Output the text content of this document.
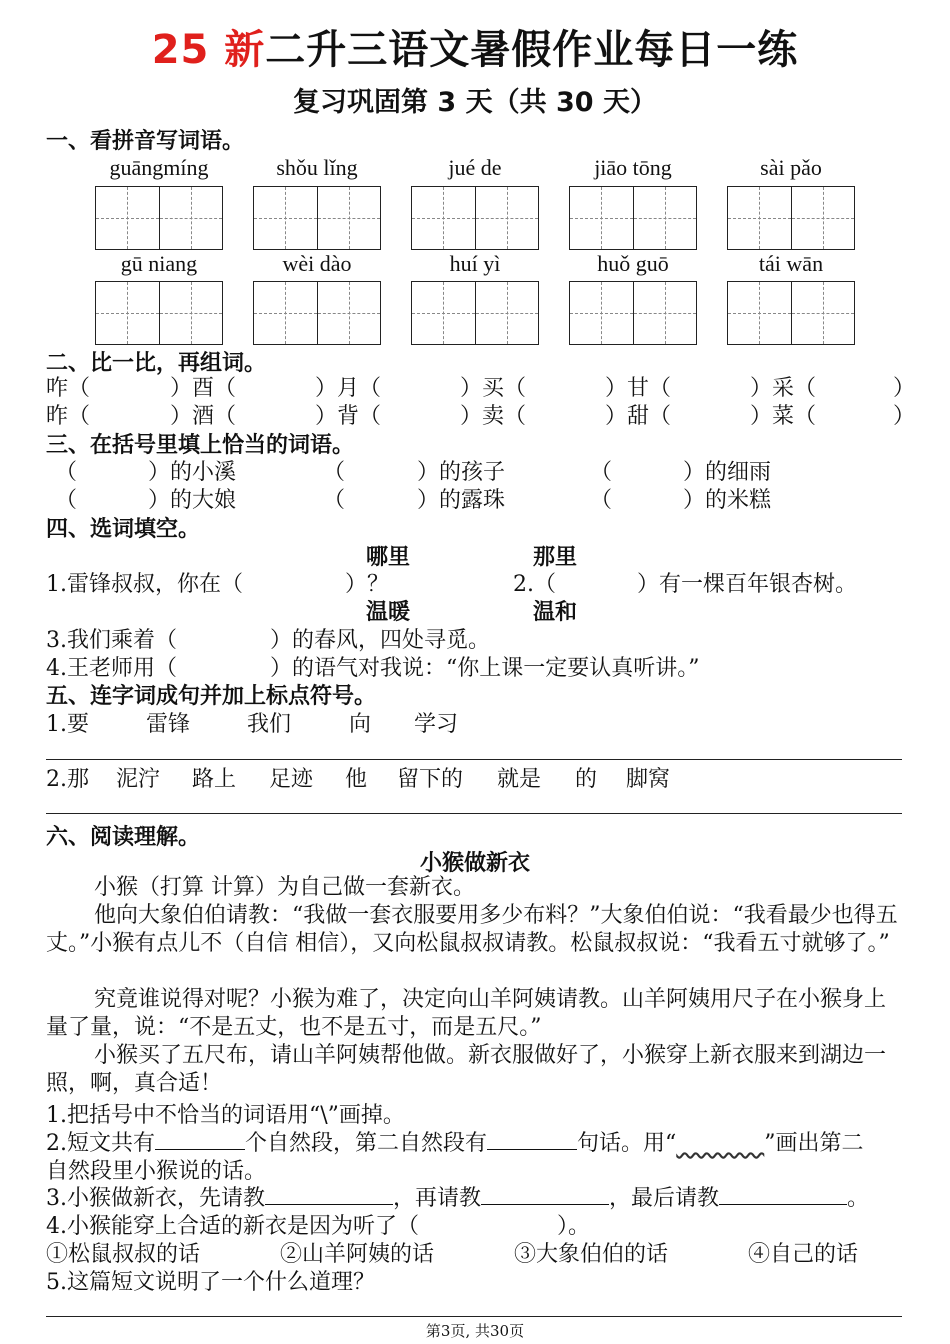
25 新二升三语文暑假作业每日一练
复习巩固第 3 天（共 30 天）
一、看拼音写词语。
guāngmíng	shǒu lǐng	jué de	jiāo tōng	sài pǎo
gū niang	wèi dào	huí yì	huǒ guō	tái wān
二、比一比，再组词。
咋（	）酉（	）月（	）买（	）甘（	）采（	）
昨（	）酒（	）背（	）卖（	）甜（	）菜（	）
三、在括号里填上恰当的词语。
（	）的小溪	（	）的孩子	（	）的细雨
（	）的大娘	（	）的露珠	（	）的米糕
四、选词填空。
哪里	那里
1.雷锋叔叔，你在（	）？	2.（	）有一棵百年银杏树。
温暖	温和
3.我们乘着（	）的春风，四处寻觅。
4.王老师用（	）的语气对我说：“你上课一定要认真听讲。”
五、连字词成句并加上标点符号。
1.要	雷锋	我们	向 学习
2.那 泥泞 路上 足迹 他 留下的 就是 的 脚窝
六、阅读理解。
小猴做新衣
小猴（打算 计算）为自己做一套新衣。
他向大象伯伯请教：“我做一套衣服要用多少布料？”大象伯伯说：“我看最少也得五丈。”小猴有点儿不（自信 相信），又向松鼠叔叔请教。松鼠叔叔说：“我看五寸就够了。”
究竟谁说得对呢？小猴为难了，决定向山羊阿姨请教。山羊阿姨用尺子在小猴身上量了量，说：“不是五丈，也不是五寸，而是五尺。”
小猴买了五尺布，请山羊阿姨帮他做。新衣服做好了，小猴穿上新衣服来到湖边一照，啊，真合适！
1.把括号中不恰当的词语用“\”画掉。
2.短文共有	个自然段，第二自然段有	句话。用“	”画出第二
自然段里小猴说的话。
3.小猴做新衣，先请教	，再请教	，最后请教	。
4.小猴能穿上合适的新衣是因为听了（	）。
①松鼠叔叔的话	②山羊阿姨的话	③大象伯伯的话	④自己的话
5.这篇短文说明了一个什么道理？
第3页, 共30页
